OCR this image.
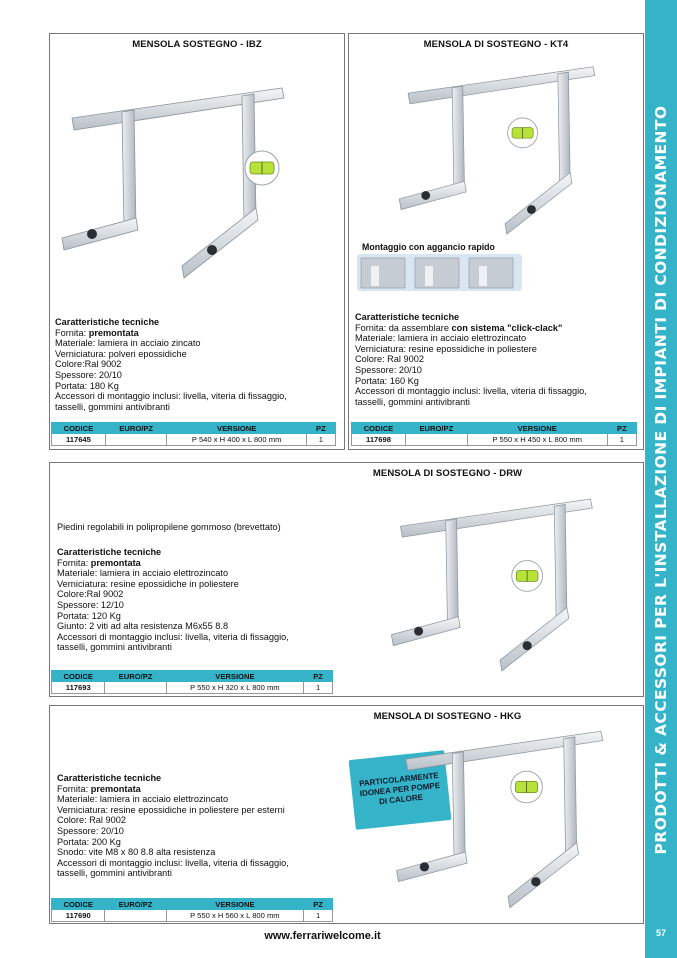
PRODOTTI & ACCESSORI PER L'INSTALLAZIONE DI IMPIANTI DI CONDIZIONAMENTO
57
MENSOLA SOSTEGNO - IBZ
Caratteristiche tecniche
Fornita: premontata
Materiale: lamiera in acciaio zincato
Verniciatura: polveri epossidiche
Colore:Ral 9002
Spessore: 20/10
Portata: 180 Kg
Accessori di montaggio inclusi: livella, viteria di fissaggio,
tasselli, gommini antivibranti
CODICE	EURO/PZ	VERSIONE	PZ
117645		P 540 x H 400 x L 800 mm	1
MENSOLA DI SOSTEGNO - KT4
Montaggio con aggancio rapido
Caratteristiche tecniche
Fornita: da assemblare con sistema "click-clack"
Materiale: lamiera in acciaio elettrozincato
Verniciatura: resine epossidiche in poliestere
Colore: Ral 9002
Spessore: 20/10
Portata: 160 Kg
Accessori di montaggio inclusi: livella, viteria di fissaggio,
tasselli, gommini antivibranti
CODICE	EURO/PZ	VERSIONE	PZ
117698		P 550 x H 450 x L 800 mm	1
MENSOLA DI SOSTEGNO - DRW
Piedini regolabili in polipropilene gommoso (brevettato)
Caratteristiche tecniche
Fornita: premontata
Materiale: lamiera in acciaio elettrozincato
Verniciatura: resine epossidiche in poliestere
Colore:Ral 9002
Spessore: 12/10
Portata: 120 Kg
Giunto: 2 viti ad alta resistenza M6x55 8.8
Accessori di montaggio inclusi: livella, viteria di fissaggio,
tasselli, gommini antivibranti
CODICE	EURO/PZ	VERSIONE	PZ
117693		P 550 x H 320 x L 800 mm	1
MENSOLA DI SOSTEGNO - HKG
PARTICOLARMENTE IDONEA PER POMPE DI CALORE
Caratteristiche tecniche
Fornita: premontata
Materiale: lamiera in acciaio elettrozincato
Verniciatura: resine epossidiche in poliestere per esterni
Colore: Ral 9002
Spessore: 20/10
Portata: 200 Kg
Snodo: vite M8 x 80 8.8 alta resistenza
Accessori di montaggio inclusi: livella, viteria di fissaggio,
tasselli, gommini antivibranti
CODICE	EURO/PZ	VERSIONE	PZ
117690		P 550 x H 560 x L 800 mm	1
www.ferrariwelcome.it
